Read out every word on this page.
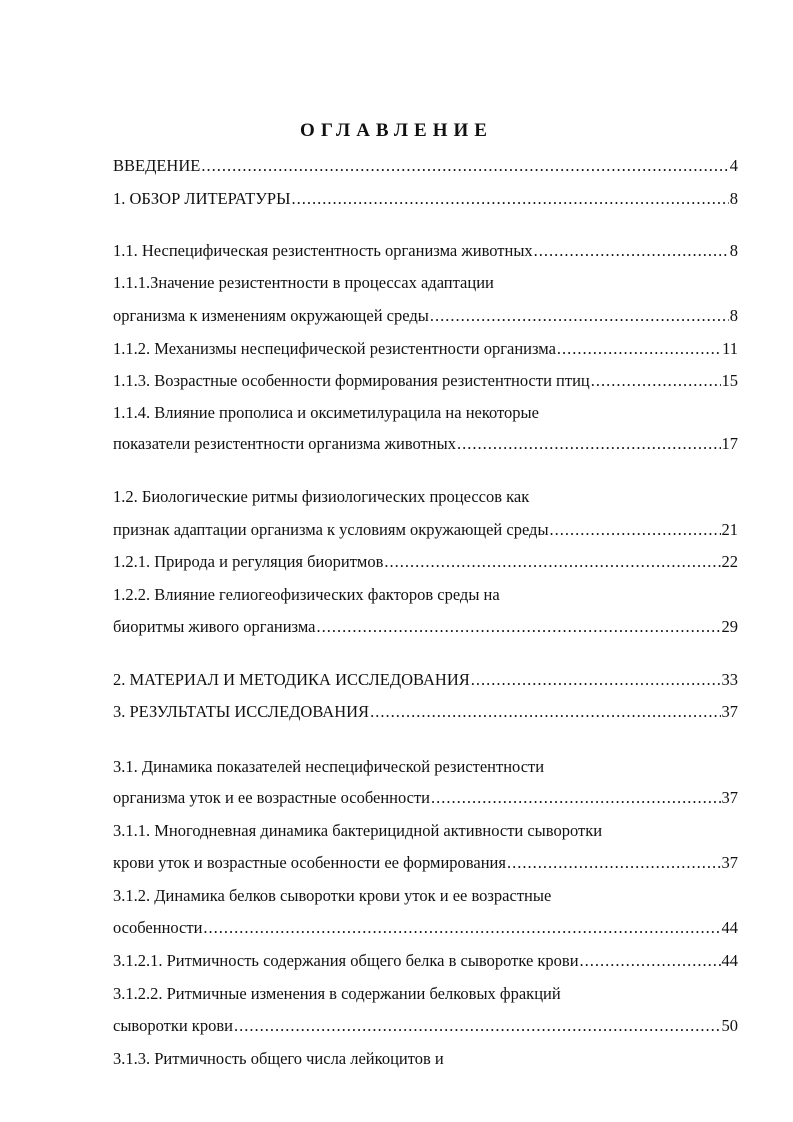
ОГЛАВЛЕНИЕ
ВВЕДЕНИЕ .....	4
1. ОБЗОР ЛИТЕРАТУРЫ .....	8
1.1. Неспецифическая резистентность организма животных .....	8
1.1.1.Значение резистентности в процессах адаптации
организма к изменениям окружающей среды .....	8
1.1.2. Механизмы неспецифической резистентности организма .....	11
1.1.3. Возрастные особенности формирования резистентности птиц .....	15
1.1.4. Влияние прополиса и оксиметилурацила на некоторые
показатели резистентности организма животных .....	17
1.2. Биологические ритмы физиологических процессов как
признак адаптации организма к условиям окружающей среды .....	21
1.2.1. Природа и регуляция биоритмов .....	22
1.2.2. Влияние гелиогеофизических факторов среды на
биоритмы живого организма .....	29
2. МАТЕРИАЛ И МЕТОДИКА ИССЛЕДОВАНИЯ .....	33
3. РЕЗУЛЬТАТЫ ИССЛЕДОВАНИЯ .....	37
3.1. Динамика показателей неспецифической резистентности
организма уток и ее возрастные особенности .....	37
3.1.1. Многодневная динамика бактерицидной активности сыворотки
крови уток и возрастные особенности ее формирования .....	37
3.1.2. Динамика белков сыворотки крови уток и ее возрастные
особенности .....	44
3.1.2.1. Ритмичность содержания общего белка в сыворотке крови .....	44
3.1.2.2. Ритмичные изменения в содержании белковых фракций
сыворотки крови .....	50
3.1.3. Ритмичность общего числа лейкоцитов и
